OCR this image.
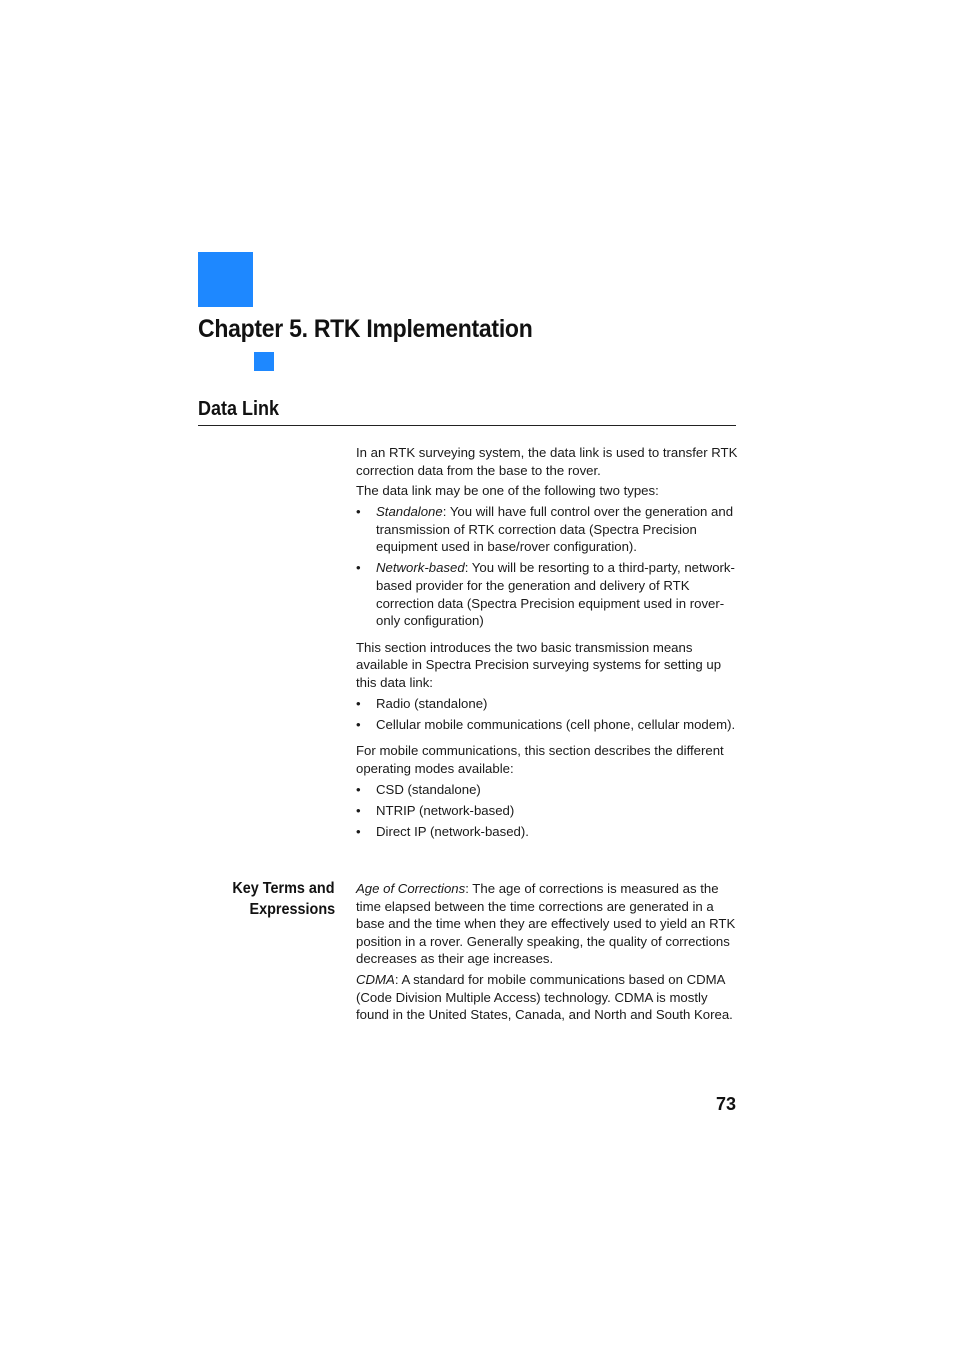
Chapter 5. RTK Implementation
Data Link

In an RTK surveying system, the data link is used to transfer RTK correction data from the base to the rover.

The data link may be one of the following two types:

• Standalone: You will have full control over the generation and transmission of RTK correction data (Spectra Precision equipment used in base/rover configuration).
• Network-based: You will be resorting to a third-party, network-based provider for the generation and delivery of RTK correction data (Spectra Precision equipment used in rover-only configuration)

This section introduces the two basic transmission means available in Spectra Precision surveying systems for setting up this data link:

• Radio (standalone)
• Cellular mobile communications (cell phone, cellular modem).

For mobile communications, this section describes the different operating modes available:

• CSD (standalone)
• NTRIP (network-based)
• Direct IP (network-based).
Key Terms and
Expressions

Age of Corrections: The age of corrections is measured as the time elapsed between the time corrections are generated in a base and the time when they are effectively used to yield an RTK position in a rover. Generally speaking, the quality of corrections decreases as their age increases.

CDMA: A standard for mobile communications based on CDMA (Code Division Multiple Access) technology. CDMA is mostly found in the United States, Canada, and North and South Korea.

73
